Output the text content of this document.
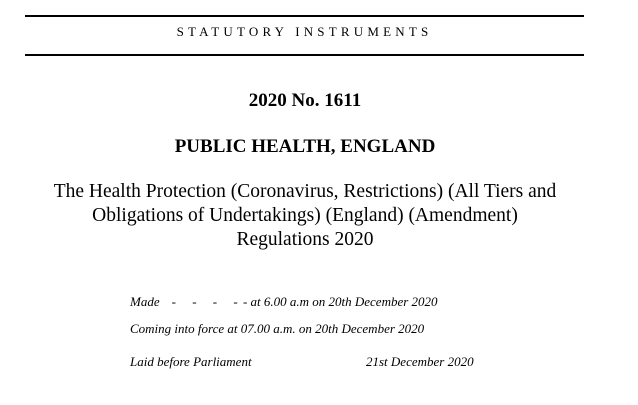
STATUTORY INSTRUMENTS
2020 No. 1611
PUBLIC HEALTH, ENGLAND
The Health Protection (Coronavirus, Restrictions) (All Tiers and
Obligations of Undertakings) (England) (Amendment)
Regulations 2020
Made -     -     -     - - at 6.00 a.m on 20th December 2020
Coming into force at 07.00 a.m. on 20th December 2020
Laid before Parliament	21st December 2020
